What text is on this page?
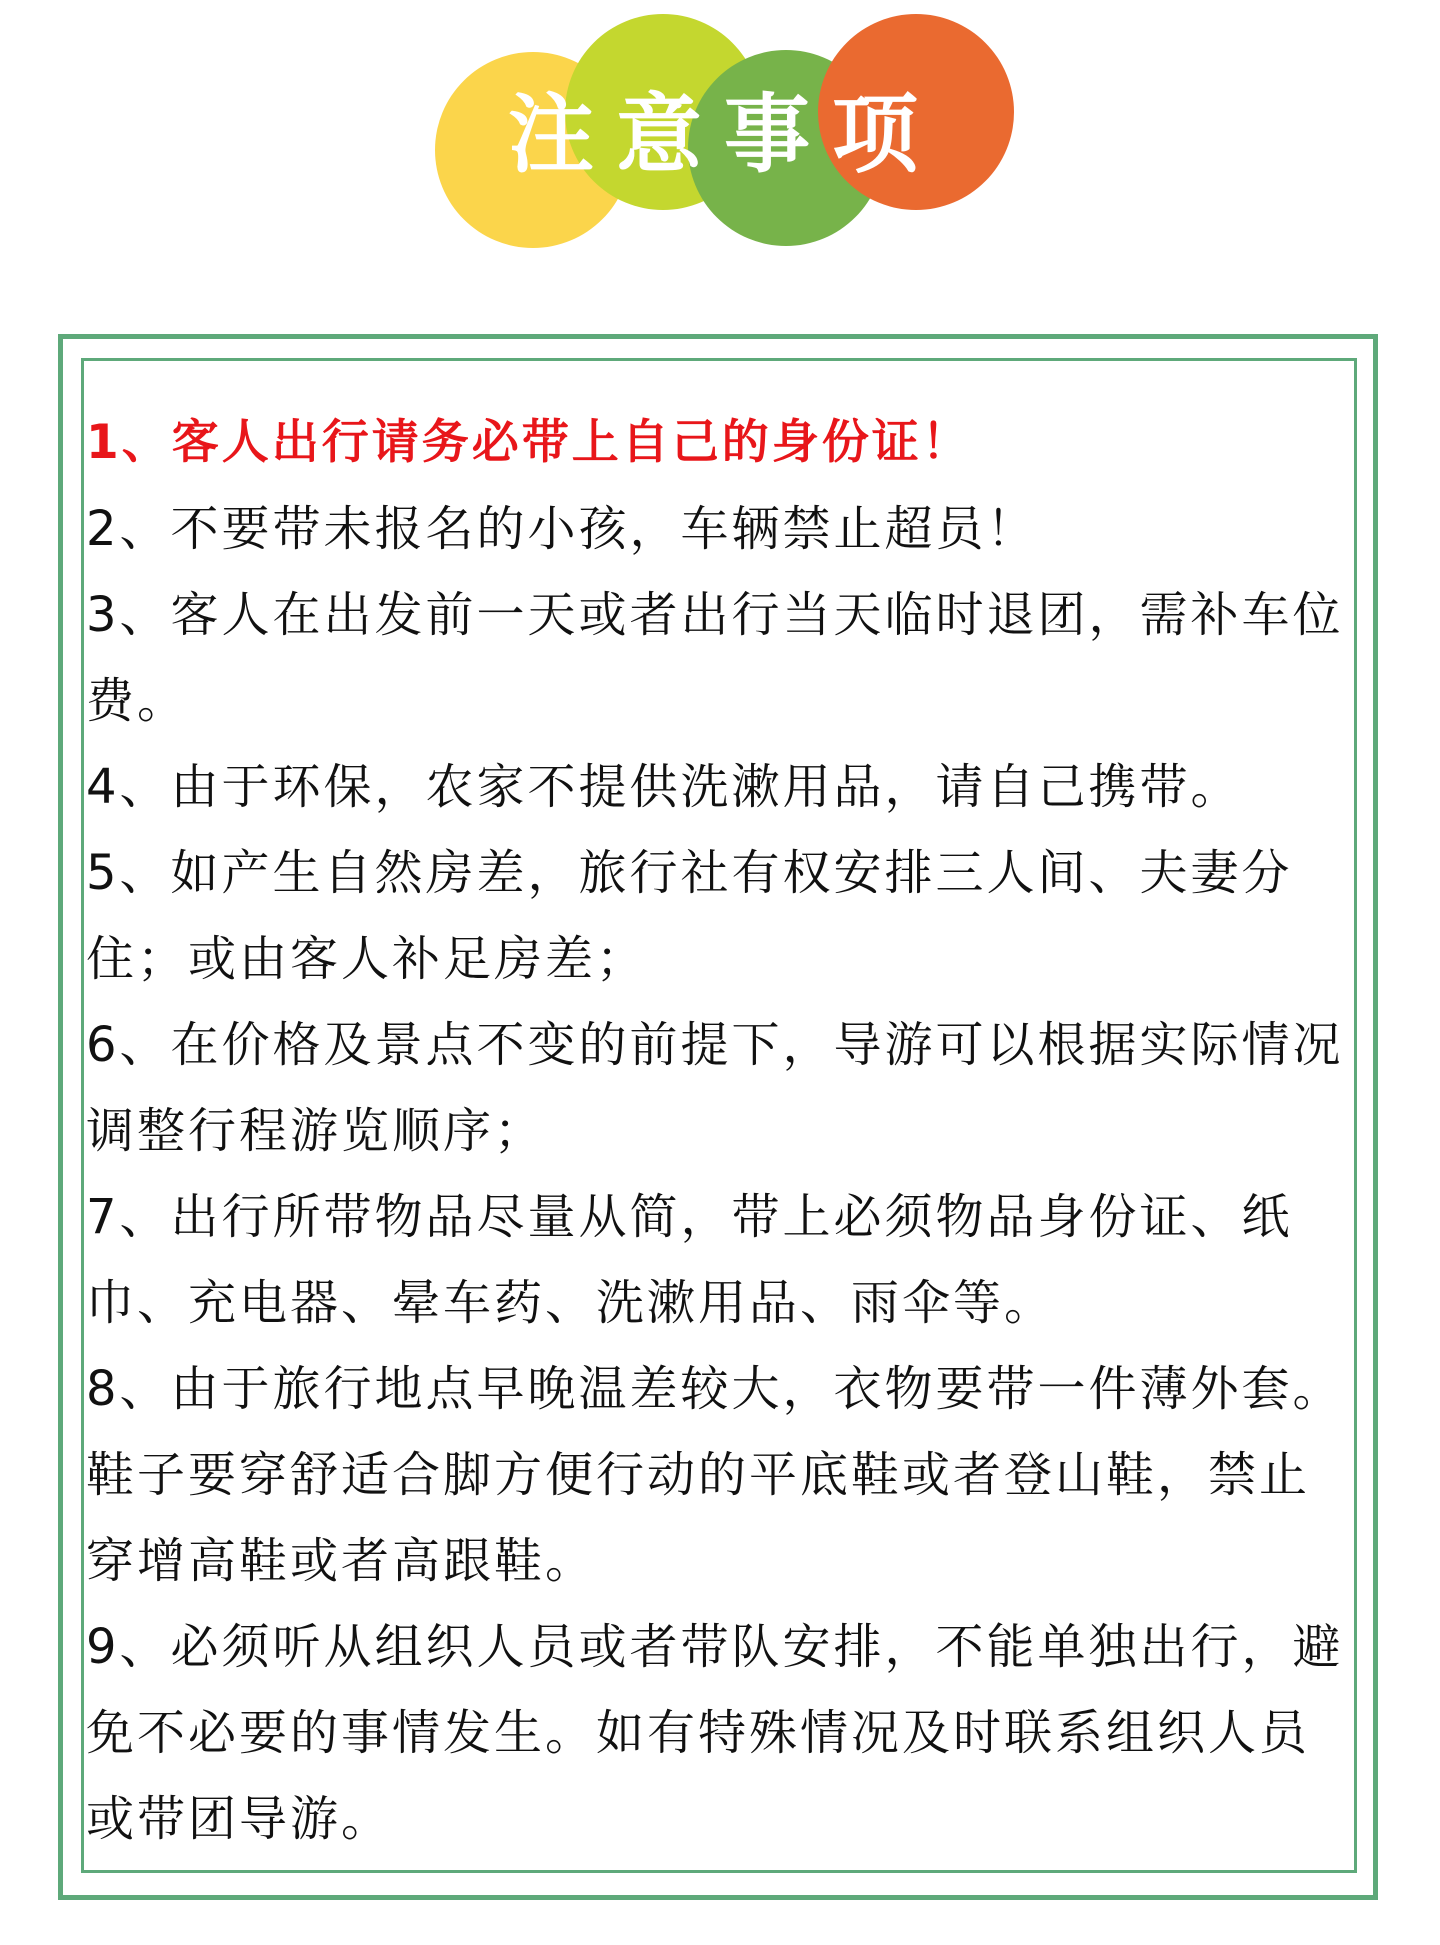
注 意 事 项
1、客人出行请务必带上自己的身份证！
2、不要带未报名的小孩，车辆禁止超员！
3、客人在出发前一天或者出行当天临时退团，需补车位费。
4、由于环保，农家不提供洗漱用品，请自己携带。
5、如产生自然房差，旅行社有权安排三人间、夫妻分住；或由客人补足房差；
6、在价格及景点不变的前提下，导游可以根据实际情况调整行程游览顺序；
7、出行所带物品尽量从简，带上必须物品身份证、纸巾、充电器、晕车药、洗漱用品、雨伞等。
8、由于旅行地点早晚温差较大，衣物要带一件薄外套。鞋子要穿舒适合脚方便行动的平底鞋或者登山鞋，禁止穿增高鞋或者高跟鞋。
9、必须听从组织人员或者带队安排，不能单独出行，避免不必要的事情发生。如有特殊情况及时联系组织人员或带团导游。
